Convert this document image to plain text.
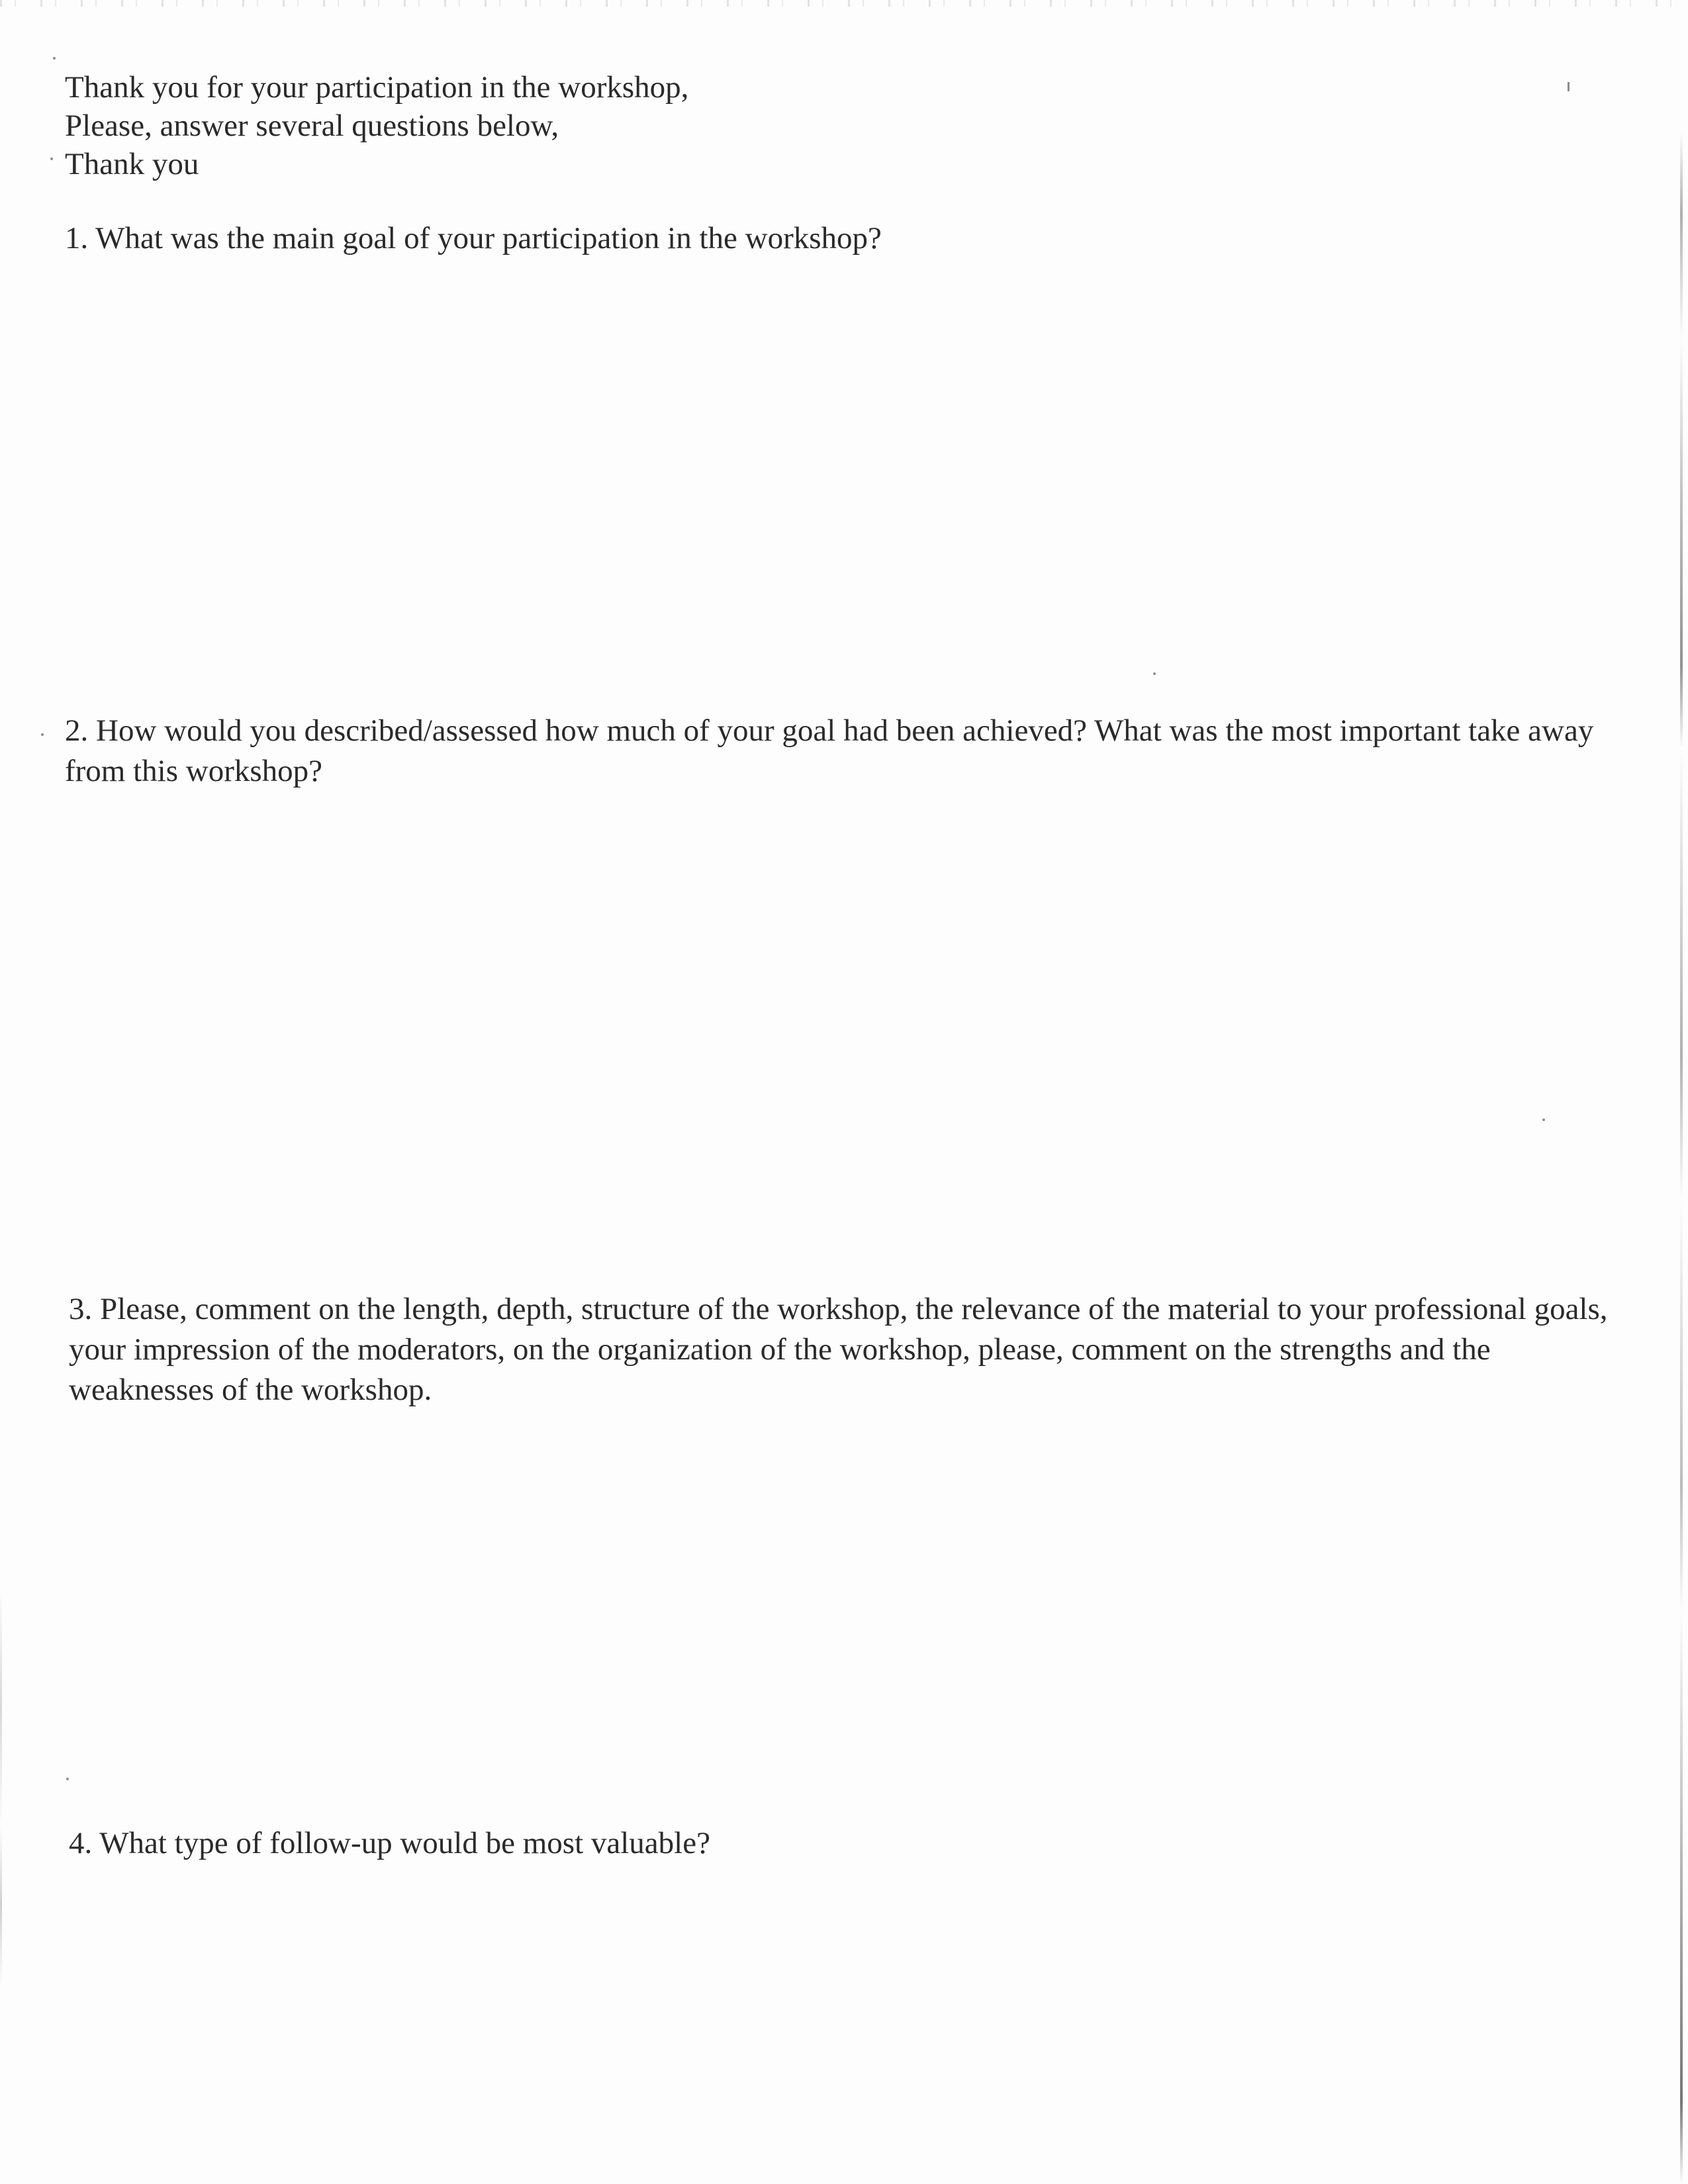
Thank you for your participation in the workshop,
Please, answer several questions below,
Thank you
1. What was the main goal of your participation in the workshop?
2. How would you described/assessed how much of your goal had been achieved? What was the most important take away from this workshop?
3. Please, comment on the length, depth, structure of the workshop, the relevance of the material to your professional goals, your impression of the moderators, on the organization of the workshop, please, comment on the strengths and the weaknesses of the workshop.
4. What type of follow-up would be most valuable?
